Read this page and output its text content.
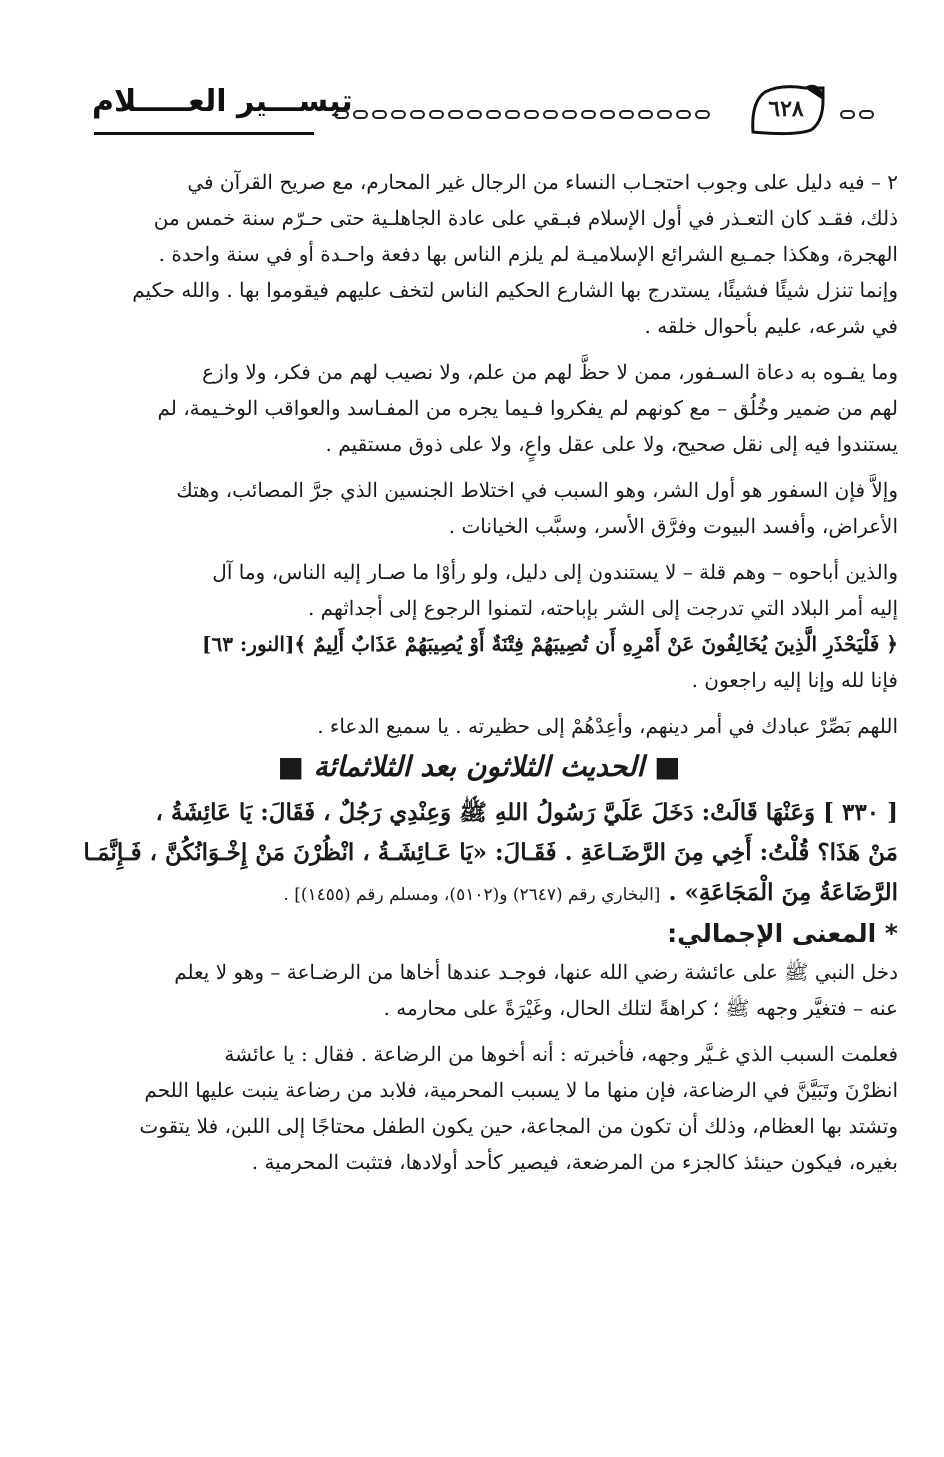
تيســـير العـــــلام	٦٢٨

٢ – فيه دليل على وجوب احتجـاب النساء من الرجال غير المحارم، مع صريح القرآن في

ذلك، فقـد كان التعـذر في أول الإسلام فبـقي على عادة الجاهلـية حتى حـرّم سنة خمس من

الهجرة، وهكذا جمـيع الشرائع الإسلاميـة لم يلزم الناس بها دفعة واحـدة أو في سنة واحدة .

وإنما تنزل شيئًا فشيئًا، يستدرج بها الشارع الحكيم الناس لتخف عليهم فيقوموا بها . والله حكيم

في شرعه، عليم بأحوال خلقه .

وما يفـوه به دعاة السـفور، ممن لا حظَّ لهم من علم، ولا نصيب لهم من فكر، ولا وازع

لهم من ضمير وخُلُق – مع كونهم لم يفكروا فـيما يجره من المفـاسد والعواقب الوخـيمة، لم

يستندوا فيه إلى نقل صحيح، ولا على عقل واعٍ، ولا على ذوق مستقيم .

وإلاَّ فإن السفور هو أول الشر، وهو السبب في اختلاط الجنسين الذي جرَّ المصائب، وهتك

الأعراض، وأفسد البيوت وفرَّق الأسر، وسبَّب الخيانات .

والذين أباحوه – وهم قلة – لا يستندون إلى دليل، ولو رأوْا ما صـار إليه الناس، وما آل

إليه أمر البلاد التي تدرجت إلى الشر بإباحته، لتمنوا الرجوع إلى أجداثهم .

﴿ فَلْيَحْذَرِ الَّذِينَ يُخَالِفُونَ عَنْ أَمْرِهِ أَن تُصِيبَهُمْ فِتْنَةٌ أَوْ يُصِيبَهُمْ عَذَابٌ أَلِيمٌ ﴾[النور: ٦٣]

فإنا لله وإنا إليه راجعون .

اللهم بَصِّرْ عبادك في أمر دينهم، وأعِدْهُمْ إلى حظيرته . يا سميع الدعاء .

■ الحديث الثلاثون بعد الثلاثمائة ■

[ ٣٣٠ ] وَعَنْهَا قَالَتْ: دَخَلَ عَلَيَّ رَسُولُ اللهِ ﷺ وَعِنْدِي رَجُلٌ ، فَقَالَ: يَا عَائِشَةُ ،

مَنْ هَذَا؟ قُلْتُ: أَخِي مِنَ الرَّضَـاعَةِ . فَقَـالَ: «يَا عَـائِشَـةُ ، انْظُرْنَ مَنْ إِخْـوَانُكُنَّ ، فَـإِنَّمَـا

الرَّضَاعَةُ مِنَ الْمَجَاعَةِ» . [البخاري رقم (٢٦٤٧) و(٥١٠٢)، ومسلم رقم (١٤٥٥)] .

* المعنى الإجمالي:

دخل النبي ﷺ على عائشة رضي الله عنها، فوجـد عندها أخاها من الرضـاعة – وهو لا يعلم

عنه – فتغيَّر وجهه ﷺ ؛ كراهةً لتلك الحال، وغَيْرَةً على محارمه .

فعلمت السبب الذي غـيَّر وجهه، فأخبرته : أنه أخوها من الرضاعة . فقال : يا عائشة

انظرْنَ وتَبَيَّنَّ في الرضاعة، فإن منها ما لا يسبب المحرمية، فلابد من رضاعة ينبت عليها اللحم

وتشتد بها العظام، وذلك أن تكون من المجاعة، حين يكون الطفل محتاجًا إلى اللبن، فلا يتقوت

بغيره، فيكون حينئذ كالجزء من المرضعة، فيصير كأحد أولادها، فتثبت المحرمية .
